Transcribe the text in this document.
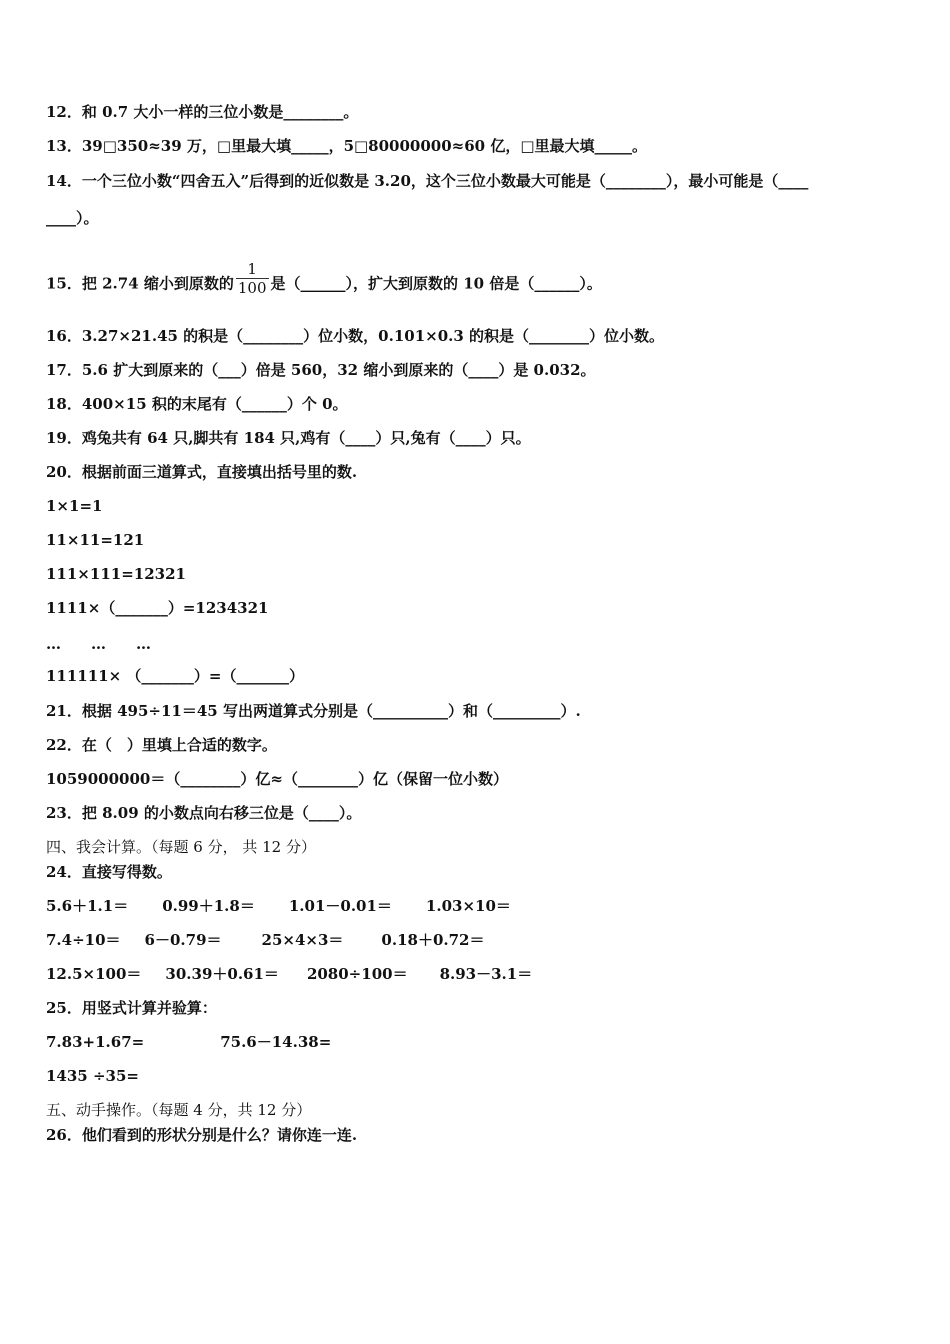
12．和 0.7 大小一样的三位小数是________。
13．39□350≈39 万，□里最大填_____，5□80000000≈60 亿，□里最大填_____。
14．一个三位小数“四舍五入”后得到的近似数是 3.20，这个三位小数最大可能是（________），最小可能是（____
____）。
15．把 2.74 缩小到原数的 $\frac{1}{100}$ 是（______），扩大到原数的 10 倍是（______）。
16．3.27×21.45 的积是（________）位小数，0.101×0.3 的积是（________）位小数。
17．5.6 扩大到原来的（___）倍是 560，32 缩小到原来的（____）是 0.032。
18．400×15 积的末尾有（______）个 0。
19．鸡兔共有 64 只,脚共有 184 只,鸡有（____）只,兔有（____）只。
20．根据前面三道算式，直接填出括号里的数.
1×1=1
11×11=121
111×111=12321
1111×（_______）=1234321
…　　…　　…
111111× （_______）=（_______）
21．根据 495÷11＝45 写出两道算式分别是（__________）和（_________）.
22．在（　）里填上合适的数字。
1059000000＝（________）亿≈（________）亿（保留一位小数）
23．把 8.09 的小数点向右移三位是（____）。
四、我会计算。（每题 6 分， 共 12 分）
24．直接写得数。
5.6＋1.1＝ 0.99＋1.8＝ 1.01－0.01＝ 1.03×10＝
7.4÷10＝ 6－0.79＝	25×4×3＝	0.18＋0.72＝
12.5×100＝ 30.39＋0.61＝ 2080÷100＝ 8.93－3.1＝
25．用竖式计算并验算：
7.83+1.67=	75.6－14.38=
1435 ÷35=
五、动手操作。（每题 4 分，共 12 分）
26．他们看到的形状分别是什么？请你连一连.
